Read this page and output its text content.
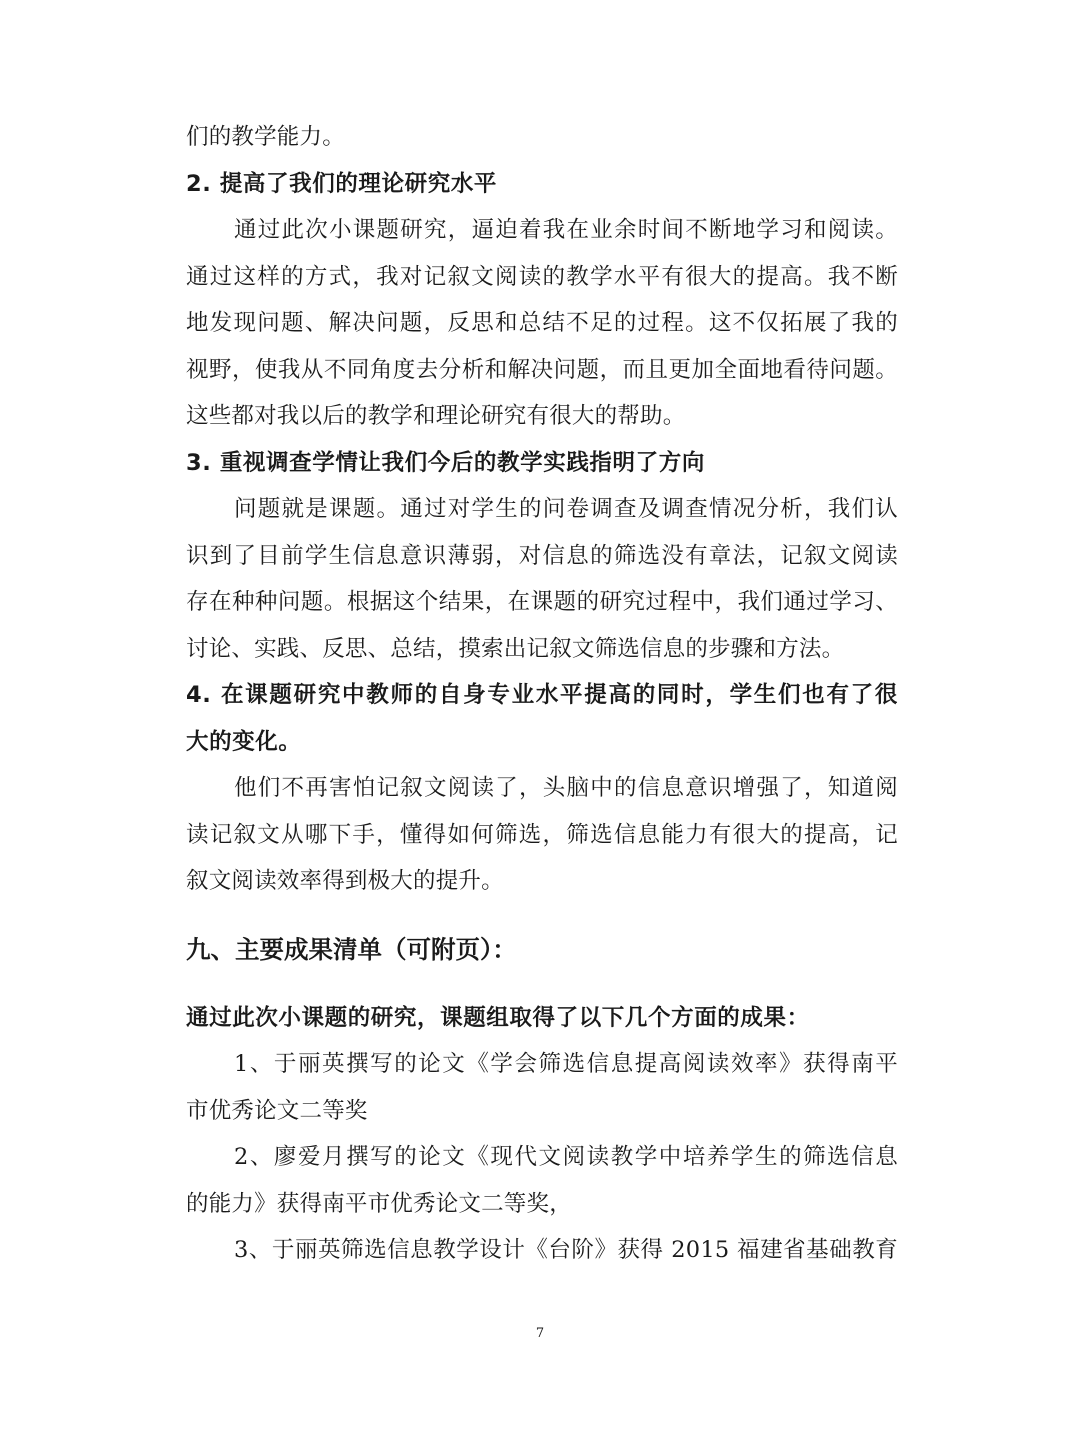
们的教学能力。
2. 提高了我们的理论研究水平
通过此次小课题研究，逼迫着我在业余时间不断地学习和阅读。
通过这样的方式，我对记叙文阅读的教学水平有很大的提高。我不断
地发现问题、解决问题，反思和总结不足的过程。这不仅拓展了我的
视野，使我从不同角度去分析和解决问题，而且更加全面地看待问题。
这些都对我以后的教学和理论研究有很大的帮助。
3. 重视调查学情让我们今后的教学实践指明了方向
问题就是课题。通过对学生的问卷调查及调查情况分析，我们认
识到了目前学生信息意识薄弱，对信息的筛选没有章法，记叙文阅读
存在种种问题。根据这个结果，在课题的研究过程中，我们通过学习、
讨论、实践、反思、总结，摸索出记叙文筛选信息的步骤和方法。
4. 在课题研究中教师的自身专业水平提高的同时，学生们也有了很
大的变化。
他们不再害怕记叙文阅读了，头脑中的信息意识增强了，知道阅
读记叙文从哪下手，懂得如何筛选，筛选信息能力有很大的提高，记
叙文阅读效率得到极大的提升。
九、主要成果清单（可附页）：
通过此次小课题的研究，课题组取得了以下几个方面的成果：
1、于丽英撰写的论文《学会筛选信息提高阅读效率》获得南平
市优秀论文二等奖
2、廖爱月撰写的论文《现代文阅读教学中培养学生的筛选信息
的能力》获得南平市优秀论文二等奖，
3、于丽英筛选信息教学设计《台阶》获得 2015 福建省基础教育
7
